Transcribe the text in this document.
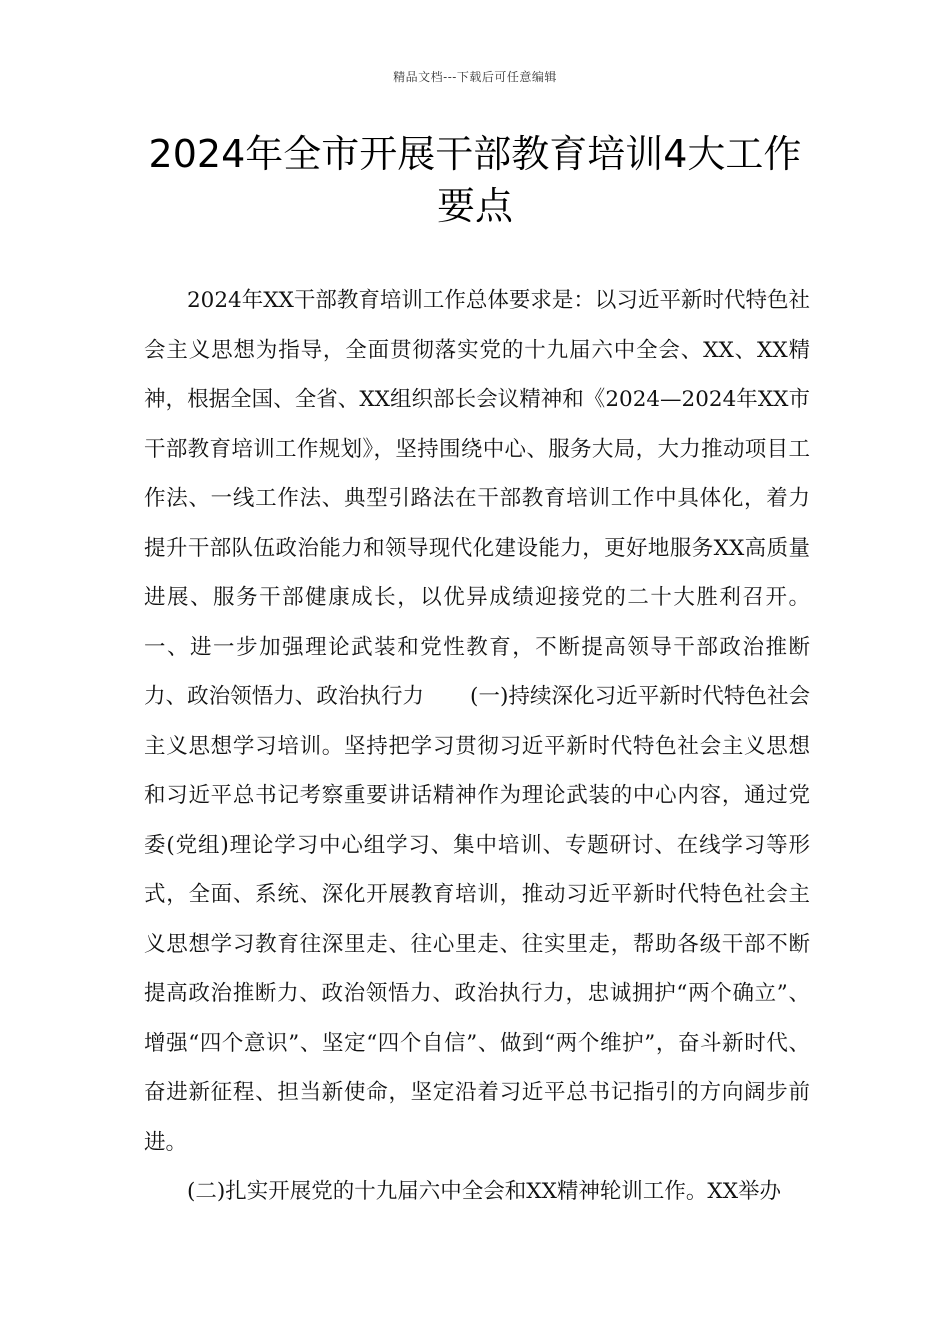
精品文档---下载后可任意编辑
2024年全市开展干部教育培训4大工作要点

2024年XX干部教育培训工作总体要求是：以习近平新时代特色社会主义思想为指导，全面贯彻落实党的十九届六中全会、XX、XX精神，根据全国、全省、XX组织部长会议精神和《2024—2024年XX市干部教育培训工作规划》，坚持围绕中心、服务大局，大力推动项目工作法、一线工作法、典型引路法在干部教育培训工作中具体化，着力提升干部队伍政治能力和领导现代化建设能力，更好地服务XX高质量进展、服务干部健康成长，以优异成绩迎接党的二十大胜利召开。一、进一步加强理论武装和党性教育，不断提高领导干部政治推断力、政治领悟力、政治执行力 (一)持续深化习近平新时代特色社会主义思想学习培训。坚持把学习贯彻习近平新时代特色社会主义思想和习近平总书记考察重要讲话精神作为理论武装的中心内容，通过党委(党组)理论学习中心组学习、集中培训、专题研讨、在线学习等形式，全面、系统、深化开展教育培训，推动习近平新时代特色社会主义思想学习教育往深里走、往心里走、往实里走，帮助各级干部不断提高政治推断力、政治领悟力、政治执行力，忠诚拥护“两个确立”、增强“四个意识”、坚定“四个自信”、做到“两个维护”，奋斗新时代、奋进新征程、担当新使命，坚定沿着习近平总书记指引的方向阔步前进。

(二)扎实开展党的十九届六中全会和XX精神轮训工作。XX举办
